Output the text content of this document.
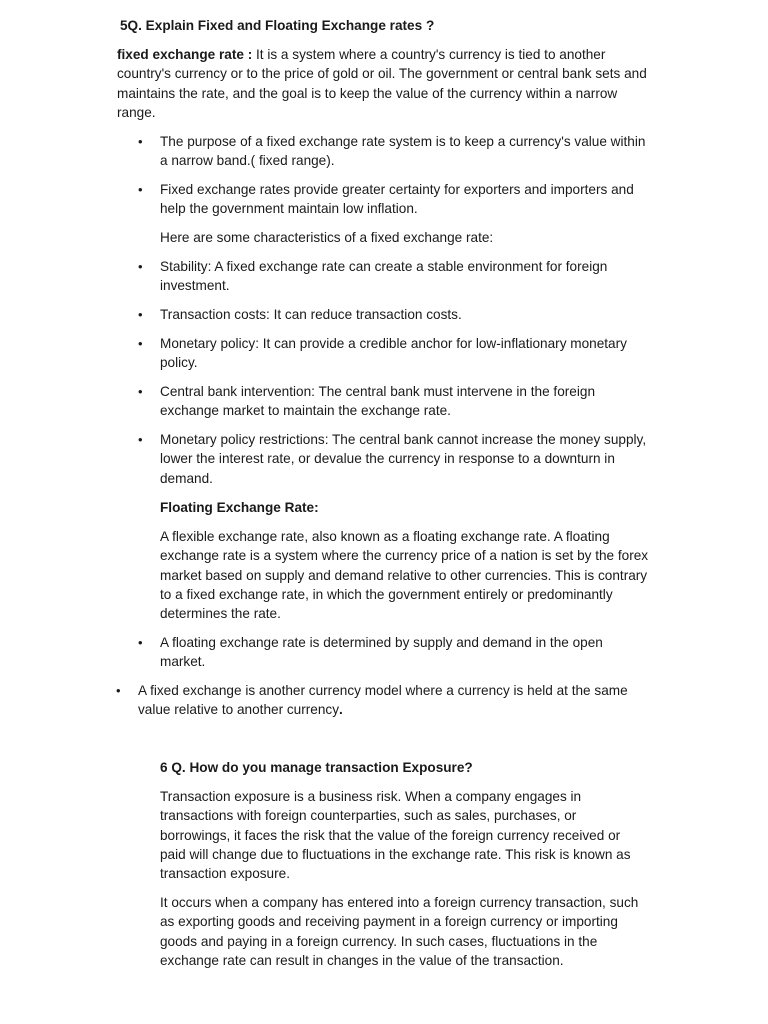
5Q. Explain Fixed and Floating Exchange rates ?

fixed exchange rate : It is a system where a country's currency is tied to another country's currency or to the price of gold or oil. The government or central bank sets and maintains the rate, and the goal is to keep the value of the currency within a narrow range.

• The purpose of a fixed exchange rate system is to keep a currency's value within a narrow band.( fixed range).

• Fixed exchange rates provide greater certainty for exporters and importers and help the government maintain low inflation.

Here are some characteristics of a fixed exchange rate:

• Stability: A fixed exchange rate can create a stable environment for foreign investment.

• Transaction costs: It can reduce transaction costs.

• Monetary policy: It can provide a credible anchor for low-inflationary monetary policy.

• Central bank intervention: The central bank must intervene in the foreign exchange market to maintain the exchange rate.

• Monetary policy restrictions: The central bank cannot increase the money supply, lower the interest rate, or devalue the currency in response to a downturn in demand.

Floating Exchange Rate:

A flexible exchange rate, also known as a floating exchange rate. A floating exchange rate is a system where the currency price of a nation is set by the forex market based on supply and demand relative to other currencies. This is contrary to a fixed exchange rate, in which the government entirely or predominantly determines the rate.

• A floating exchange rate is determined by supply and demand in the open market.

• A fixed exchange is another currency model where a currency is held at the same value relative to another currency.

6 Q. How do you manage transaction Exposure?

Transaction exposure is a business risk. When a company engages in transactions with foreign counterparties, such as sales, purchases, or borrowings, it faces the risk that the value of the foreign currency received or paid will change due to fluctuations in the exchange rate. This risk is known as transaction exposure.

It occurs when a company has entered into a foreign currency transaction, such as exporting goods and receiving payment in a foreign currency or importing goods and paying in a foreign currency. In such cases, fluctuations in the exchange rate can result in changes in the value of the transaction.
